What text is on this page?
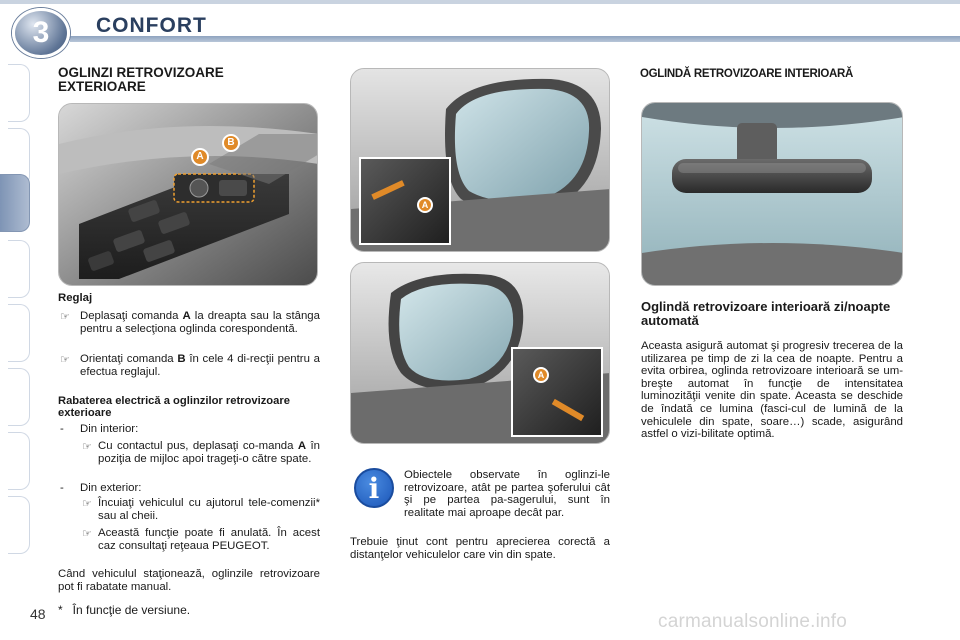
3	CONFORT
OGLINZI RETROVIZOARE EXTERIOARE
A
B
Reglaj
☞ Deplasaţi comanda A la dreapta sau la stânga pentru a selecţiona oglinda corespondentă.
☞ Orientaţi comanda B în cele 4 di-recţii pentru a efectua reglajul.
Rabaterea electrică a oglinzilor retrovizoare exterioare
- Din interior:
☞ Cu contactul pus, deplasaţi co-manda A în poziţia de mijloc apoi trageţi-o către spate.
- Din exterior:
☞ Încuiaţi vehiculul cu ajutorul tele-comenzii* sau al cheii.
☞ Această funcţie poate fi anulată. În acest caz consultaţi reţeaua PEUGEOT.
Când vehiculul staţionează, oglinzile retrovizoare pot fi rabatate manual.
A
A
i	Obiectele observate în oglinzi-le retrovizoare, atât pe partea şoferului cât şi pe partea pa-sagerului, sunt în realitate mai aproape decât par.
Trebuie ţinut cont pentru aprecierea corectă a distanţelor vehiculelor care vin din spate.
OGLINDĂ RETROVIZOARE INTERIOARĂ
Oglindă retrovizoare interioară zi/noapte automată
Aceasta asigură automat şi progresiv trecerea de la utilizarea pe timp de zi la cea de noapte. Pentru a evita orbirea, oglinda retrovizoare interioară se um-breşte automat în funcţie de intensitatea luminozităţii venite din spate. Aceasta se deschide de îndată ce lumina (fasci-cul de lumină de la vehiculele din spate, soare…) scade, asigurând astfel o vizi-bilitate optimă.
48 * În funcţie de versiune.
carmanualsonline.info
